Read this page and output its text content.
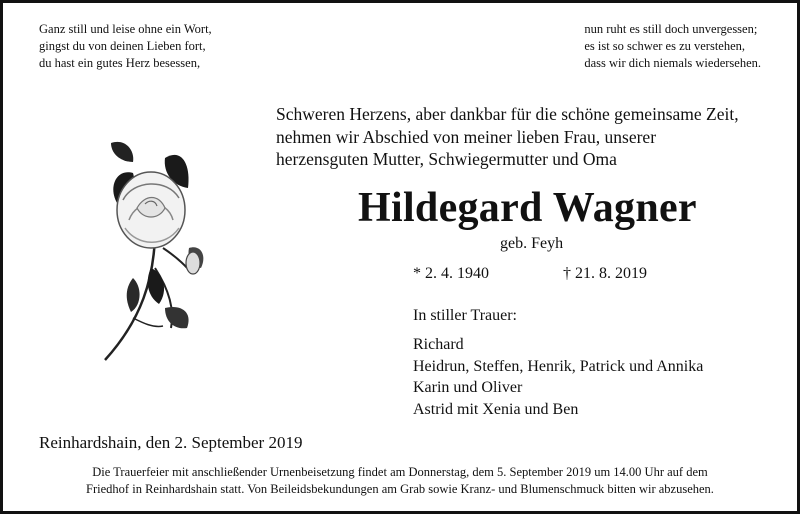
Ganz still und leise ohne ein Wort,
gingst du von deinen Lieben fort,
du hast ein gutes Herz besessen,
nun ruht es still doch unvergessen;
es ist so schwer es zu verstehen,
dass wir dich niemals wiedersehen.
Schweren Herzens, aber dankbar für die schöne gemeinsame Zeit,
nehmen wir Abschied von meiner lieben Frau, unserer
herzensguten Mutter, Schwiegermutter und Oma
Hildegard Wagner
geb. Feyh
* 2. 4. 1940	† 21. 8. 2019
In stiller Trauer:
Richard
Heidrun, Steffen, Henrik, Patrick und Annika
Karin und Oliver
Astrid mit Xenia und Ben
Reinhardshain, den 2. September 2019
Die Trauerfeier mit anschließender Urnenbeisetzung findet am Donnerstag, dem 5. September 2019 um 14.00 Uhr auf dem
Friedhof in Reinhardshain statt. Von Beileidsbekundungen am Grab sowie Kranz- und Blumenschmuck bitten wir abzusehen.
